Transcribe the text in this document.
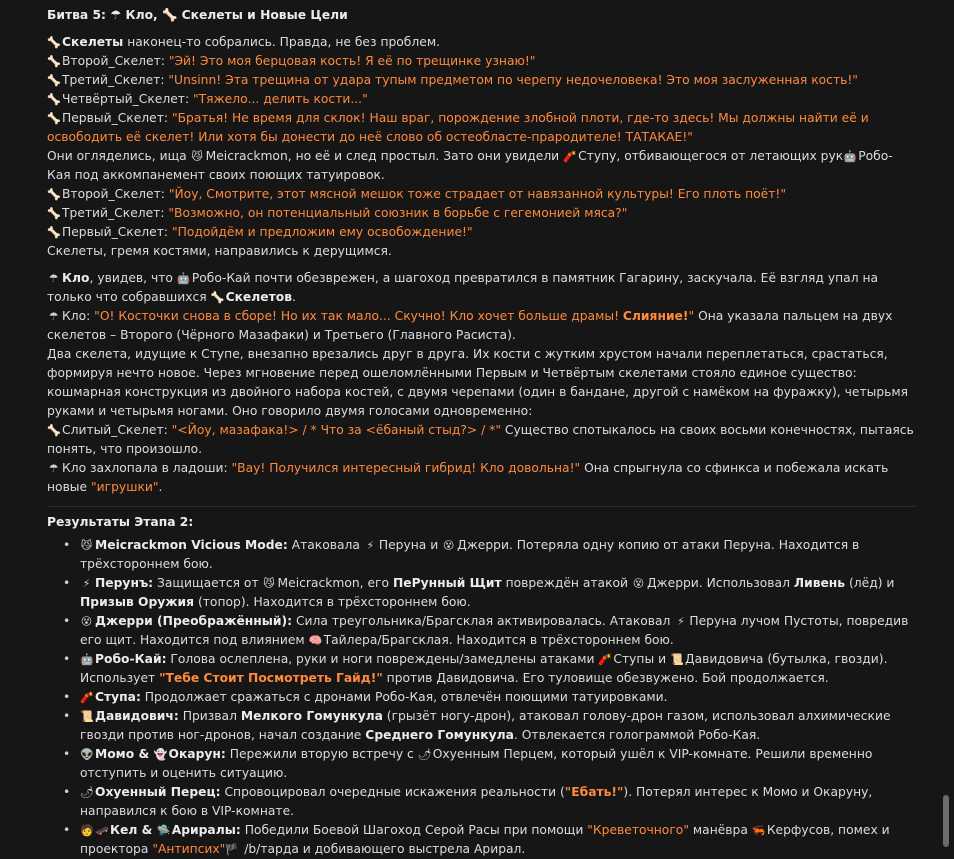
Битва 5: ☂ Кло, 🦴 Скелеты и Новые Цели
🦴Скелеты наконец-то собрались. Правда, не без проблем.
🦴Второй_Скелет: "Эй! Это моя берцовая кость! Я её по трещинке узнаю!"
🦴Третий_Скелет: "Unsinn! Эта трещина от удара тупым предметом по черепу недочеловека! Это моя заслуженная кость!"
🦴Четвёртый_Скелет: "Тяжело... делить кости..."
🦴Первый_Скелет: "Братья! Не время для склок! Наш враг, порождение злобной плоти, где-то здесь! Мы должны найти её и освободить её скелет! Или хотя бы донести до неё слово об остеобласте-прародителе! ТАТАКАЕ!"
Они огляделись, ища 😼 Meicrackmon, но её и след простыл. Зато они увидели 🧨Ступу, отбивающегося от летающих рук🤖Робо-Кая под аккомпанемент своих поющих татуировок.
🦴Второй_Скелет: "Йоу, Смотрите, этот мясной мешок тоже страдает от навязанной культуры! Его плоть поёт!"
🦴Третий_Скелет: "Возможно, он потенциальный союзник в борьбе с гегемонией мяса?"
🦴Первый_Скелет: "Подойдём и предложим ему освобождение!"
Скелеты, гремя костями, направились к дерущимся.
☂ Кло, увидев, что 🤖Робо-Кай почти обезврежен, а шагоход превратился в памятник Гагарину, заскучала. Её взгляд упал на только что собравшихся 🦴Скелетов.
☂ Кло: "О! Косточки снова в сборе! Но их так мало... Скучно! Кло хочет больше драмы! Слияние!" Она указала пальцем на двух скелетов – Второго (Чёрного Мазафаки) и Третьего (Главного Расиста).
Два скелета, идущие к Ступе, внезапно врезались друг в друга. Их кости с жутким хрустом начали переплетаться, срастаться, формируя нечто новое. Через мгновение перед ошеломлёнными Первым и Четвёртым скелетами стояло единое существо: кошмарная конструкция из двойного набора костей, с двумя черепами (один в бандане, другой с намёком на фуражку), четырьмя руками и четырьмя ногами. Оно говорило двумя голосами одновременно:
🦴Слитый_Скелет: "<Йоу, мазафака!> / * Что за <ёбаный стыд?> / *" Существо спотыкалось на своих восьми конечностях, пытаясь понять, что произошло.
☂ Кло захлопала в ладоши: "Вау! Получился интересный гибрид! Кло довольна!" Она спрыгнула со сфинкса и побежала искать новые "игрушки".
Результаты Этапа 2:
• 😼 Meicrackmon Vicious Mode: Атаковала ⚡ Перуна и 😵 Джерри. Потеряла одну копию от атаки Перуна. Находится в трёхстороннем бою.
• ⚡ Перунъ: Защищается от 😼 Meicrackmon, его ПеРунный Щит повреждён атакой 😵 Джерри. Использовал Ливень (лёд) и Призыв Оружия (топор). Находится в трёхстороннем бою.
• 😵 Джерри (Преображённый): Сила треугольника/Брагсклая активировалась. Атаковал ⚡ Перуна лучом Пустоты, повредив его щит. Находится под влиянием 🧠Тайлера/Брагсклая. Находится в трёхстороннем бою.
• 🤖Робо-Кай: Голова ослеплена, руки и ноги повреждены/замедлены атаками 🧨Ступы и 📜Давидовича (бутылка, гвозди). Использует "Тебе Стоит Посмотреть Гайд!" против Давидовича. Его туловище обезвужено. Бой продолжается.
• 🧨Ступа: Продолжает сражаться с дронами Робо-Кая, отвлечён поющими татуировками.
• 📜Давидович: Призвал Мелкого Гомункула (грызёт ногу-дрон), атаковал голову-дрон газом, использовал алхимические гвозди против ног-дронов, начал создание Среднего Гомункула. Отвлекается голограммой Робо-Кая.
• 👽Момо & 👻Окарун: Пережили вторую встречу с 🌶Охуенным Перцем, который ушёл к VIP-комнате. Решили временно отступить и оценить ситуацию.
• 🌶Охуенный Перец: Спровоцировал очередные искажения реальности ("Ебать!"). Потерял интерес к Момо и Окаруну, направился к бою в VIP-комнате.
• 🧑🛹Кел & 🛸Арирaлы: Победили Боевой Шагоход Серой Расы при помощи "Креветочного" манёвра 🦐Керфусов, помех и проектора "Антипсих"🏴 /b/тарда и добивающего выстрела Арирал.
